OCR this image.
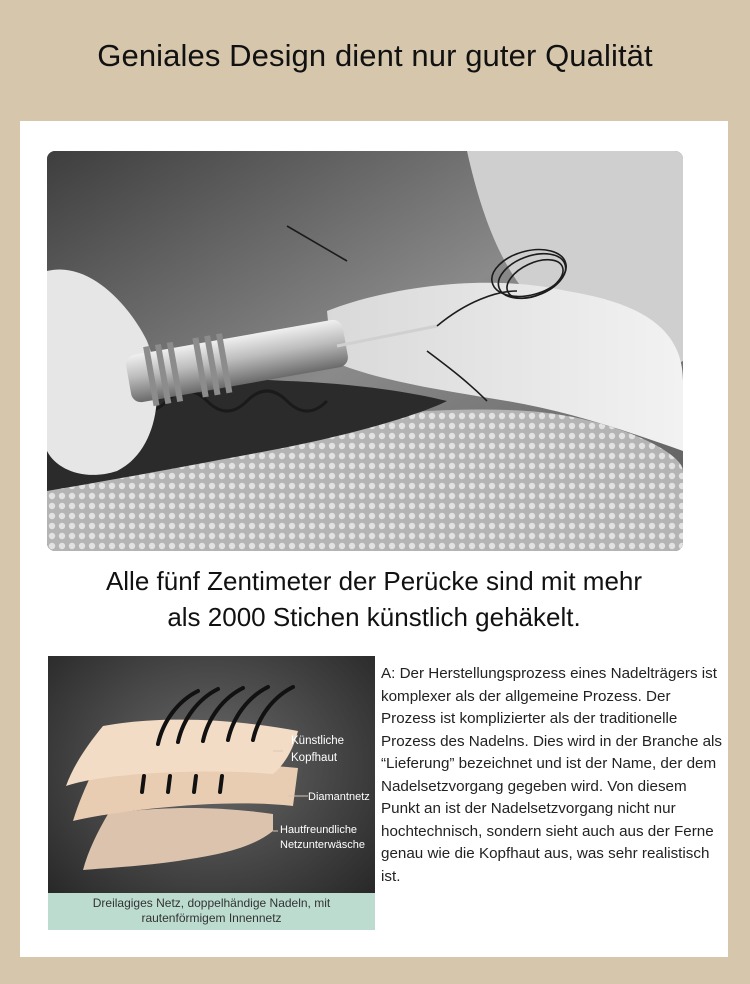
Geniales Design dient nur guter Qualität
Alle fünf Zentimeter der Perücke sind mit mehr
als 2000 Stichen künstlich gehäkelt.
Künstliche
Kopfhaut
Diamantnetz
Hautfreundliche
Netzunterwäsche
Dreilagiges Netz, doppelhändige Nadeln, mit
rautenförmigem Innennetz
A: Der Herstellungsprozess eines Nadelträgers ist komplexer als der allgemeine Prozess. Der Prozess ist komplizierter als der traditionelle Prozess des Nadelns. Dies wird in der Branche als “Lieferung” bezeichnet und ist der Name, der dem Nadelsetzvorgang gegeben wird. Von diesem Punkt an ist der Nadelsetzvorgang nicht nur hochtechnisch, sondern sieht auch aus der Ferne genau wie die Kopfhaut aus, was sehr realistisch ist.
